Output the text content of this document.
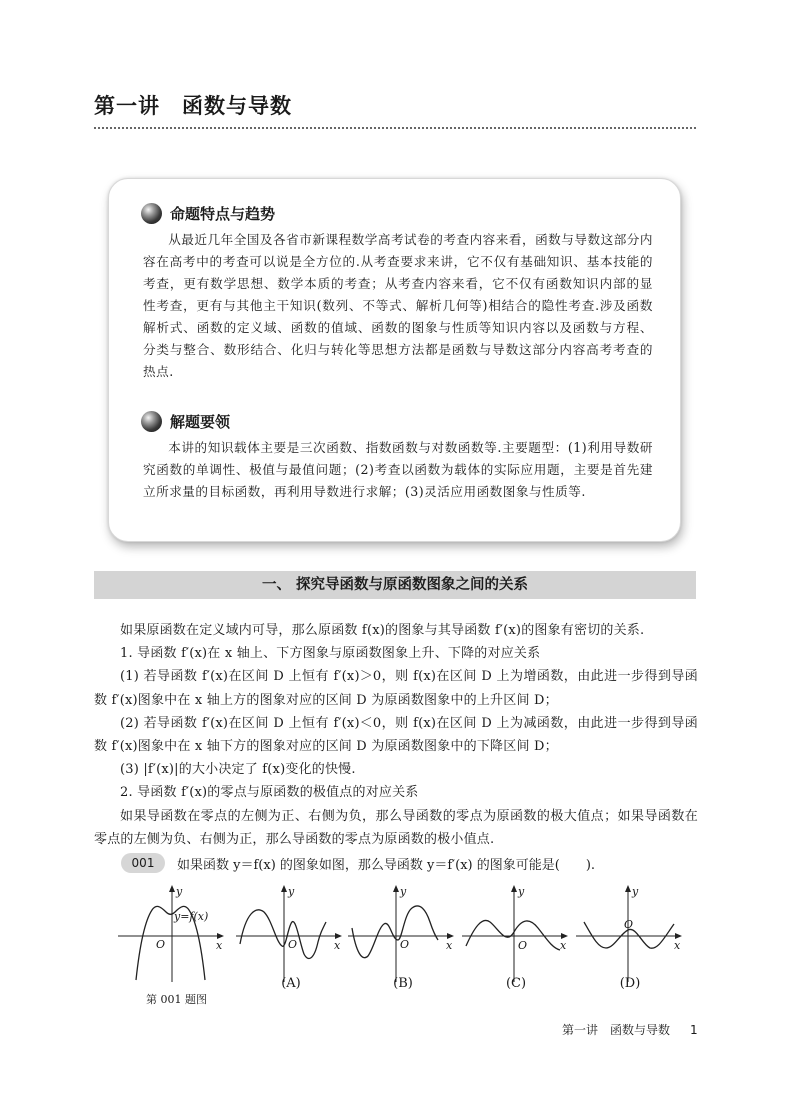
第一讲　函数与导数
命题特点与趋势

从最近几年全国及各省市新课程数学高考试卷的考查内容来看，函数与导数这部分内容在高考中的考查可以说是全方位的.从考查要求来讲，它不仅有基础知识、基本技能的考查，更有数学思想、数学本质的考查；从考查内容来看，它不仅有函数知识内部的显性考查，更有与其他主干知识(数列、不等式、解析几何等)相结合的隐性考查.涉及函数解析式、函数的定义域、函数的值域、函数的图象与性质等知识内容以及函数与方程、分类与整合、数形结合、化归与转化等思想方法都是函数与导数这部分内容高考考查的热点.

解题要领

本讲的知识载体主要是三次函数、指数函数与对数函数等.主要题型：(1)利用导数研究函数的单调性、极值与最值问题；(2)考查以函数为载体的实际应用题，主要是首先建立所求量的目标函数，再利用导数进行求解；(3)灵活应用函数图象与性质等.

一、 探究导函数与原函数图象之间的关系

如果原函数在定义域内可导，那么原函数 f(x)的图象与其导函数 f′(x)的图象有密切的关系.

1. 导函数 f′(x)在 x 轴上、下方图象与原函数图象上升、下降的对应关系

(1) 若导函数 f′(x)在区间 D 上恒有 f′(x)＞0，则 f(x)在区间 D 上为增函数，由此进一步得到导函数 f′(x)图象中在 x 轴上方的图象对应的区间 D 为原函数图象中的上升区间 D；

(2) 若导函数 f′(x)在区间 D 上恒有 f′(x)＜0，则 f(x)在区间 D 上为减函数，由此进一步得到导函数 f′(x)图象中在 x 轴下方的图象对应的区间 D 为原函数图象中的下降区间 D；

(3) |f′(x)|的大小决定了 f(x)变化的快慢.

2. 导函数 f′(x)的零点与原函数的极值点的对应关系

如果导函数在零点的左侧为正、右侧为负，那么导函数的零点为原函数的极大值点；如果导函数在零点的左侧为负、右侧为正，那么导函数的零点为原函数的极小值点.

001	如果函数 y＝f(x) 的图象如图，那么导函数 y＝f′(x) 的图象可能是(　　).
y
x
O
y=f(x)
y
x
O
y
x
O
y
x
O
y
x
O
(A)	(B)	(C)	(D)
第 001 题图
第一讲　函数与导数 1
